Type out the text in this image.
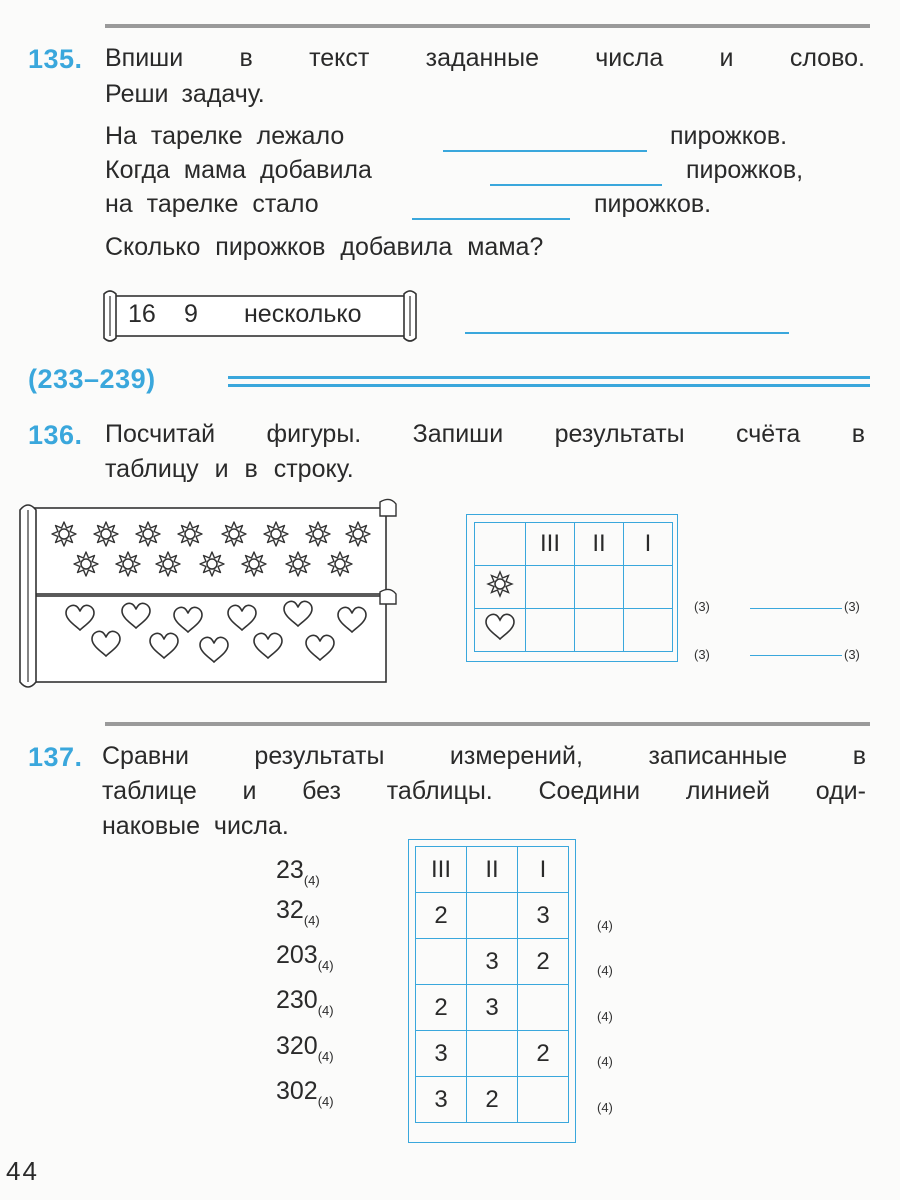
135. Впиши в текст заданные числа и слово.
Реши задачу.
На тарелке лежало	пирожков.
Когда мама добавила	пирожков,
на тарелке стало	пирожков.
Сколько пирожков добавила мама?
16 9 несколько
(233–239)
136. Посчитай фигуры. Запиши результаты счёта в
таблицу и в строку.
	III	II	I

(3)	(3)
(3)	(3)
137. Сравни	результаты	измерений,	записанные	в
таблице и без таблицы. Соедини линией оди-
наковые числа.
$23_{(4)}$
$32_{(4)}$
$203_{(4)}$
$230_{(4)}$
$320_{(4)}$
$302_{(4)}$
III	II	I
2		3
	3	2
2	3	
3		2
3	2	
(4)
(4)
(4)
(4)
(4)
44
